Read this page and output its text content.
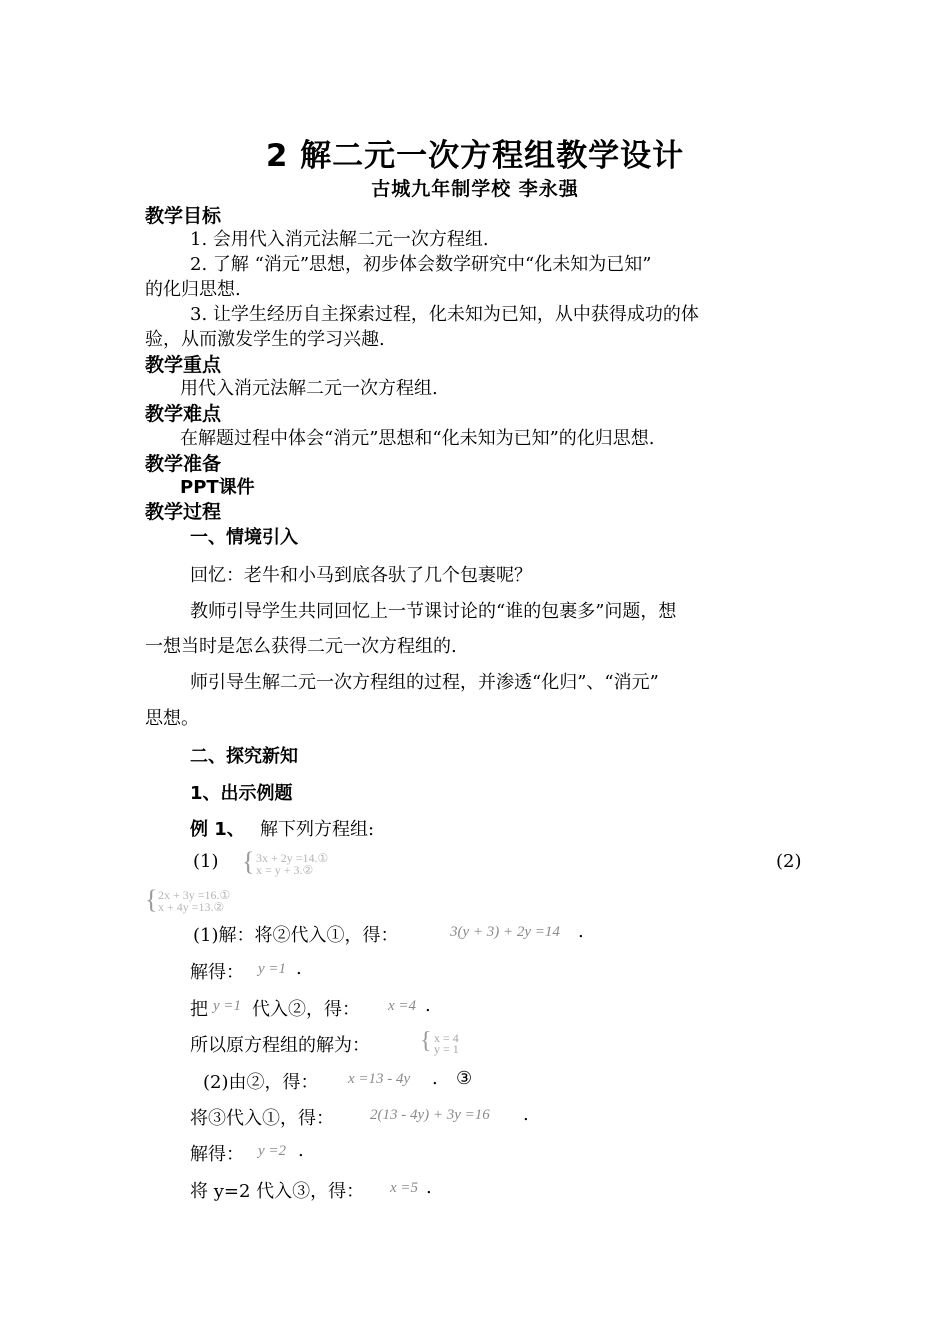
2 解二元一次方程组教学设计
古城九年制学校 李永强
教学目标
1. 会用代入消元法解二元一次方程组.
2. 了解 “消元”思想，初步体会数学研究中“化未知为已知”
的化归思想.
3. 让学生经历自主探索过程，化未知为已知，从中获得成功的体
验，从而激发学生的学习兴趣.
教学重点
用代入消元法解二元一次方程组.
教学难点
在解题过程中体会“消元”思想和“化未知为已知”的化归思想.
教学准备
PPT课件
教学过程
一、情境引入
回忆：老牛和小马到底各驮了几个包裹呢？
教师引导学生共同回忆上一节课讨论的“谁的包裹多”问题，想
一想当时是怎么获得二元一次方程组的.
师引导生解二元一次方程组的过程，并渗透“化归”、“消元”
思想。
二、探究新知
1、出示例题
例 1、 解下列方程组:
(1) { 3x + 2y =14.①
x = y + 3.②	(2)
{ 2x + 3y =16.①
x + 4y =13.②
(1)解：将②代入①，得：	3(y + 3) + 2y =14 .
解得： y =1 .
把 y =1 代入②，得： x =4 .
所以原方程组的解为： { x = 4
y = 1
(2)由②，得： x =13 - 4y . ③
将③代入①，得： 2(13 - 4y) + 3y =16 .
解得： y =2 .
将 y=2 代入③，得： x =5 .
